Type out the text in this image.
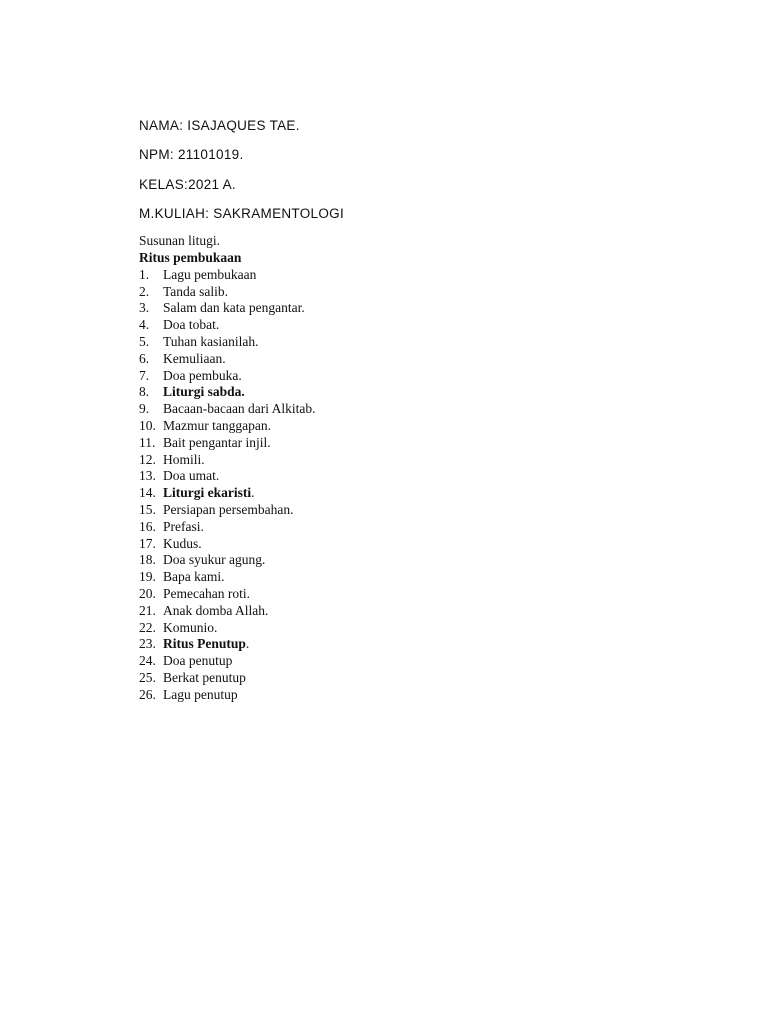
NAMA: ISAJAQUES TAE.
NPM: 21101019.
KELAS:2021 A.
M.KULIAH: SAKRAMENTOLOGI
Susunan litugi.
Ritus pembukaan
1.	Lagu pembukaan
2.	Tanda salib.
3.	Salam dan kata pengantar.
4.	Doa tobat.
5.	Tuhan kasianilah.
6.	Kemuliaan.
7.	Doa pembuka.
8.	Liturgi sabda.
9.	Bacaan-bacaan dari Alkitab.
10. Mazmur tanggapan.
11. Bait pengantar injil.
12. Homili.
13. Doa umat.
14. Liturgi ekaristi.
15. Persiapan persembahan.
16. Prefasi.
17. Kudus.
18. Doa syukur agung.
19. Bapa kami.
20. Pemecahan roti.
21. Anak domba Allah.
22. Komunio.
23. Ritus Penutup.
24. Doa penutup
25. Berkat penutup
26. Lagu penutup
